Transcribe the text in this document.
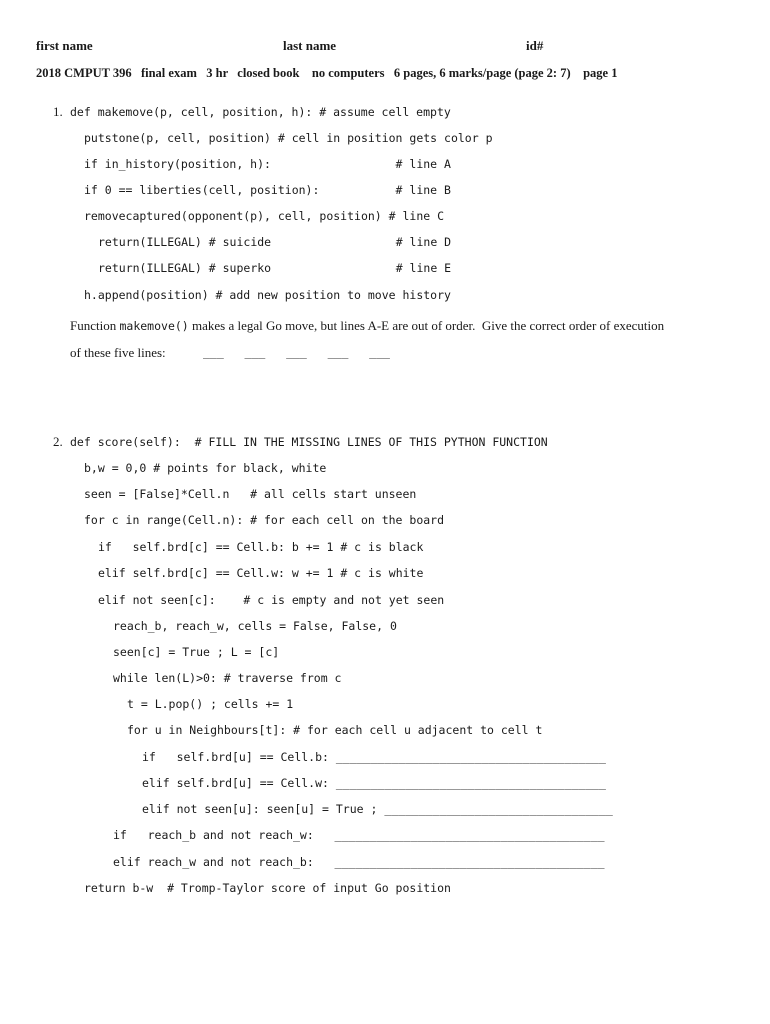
first name	last name	id#
2018 CMPUT 396   final exam   3 hr   closed book    no computers   6 pages, 6 marks/page (page 2: 7)    page 1
1. def makemove(p, cell, position, h): # assume cell empty
putstone(p, cell, position) # cell in position gets color p
if in_history(position, h):                  # line A
if 0 == liberties(cell, position):           # line B
removecaptured(opponent(p), cell, position) # line C
return(ILLEGAL) # suicide                  # line D
return(ILLEGAL) # superko                  # line E
h.append(position) # add new position to move history
Function makemove() makes a legal Go move, but lines A-E are out of order.  Give the correct order of execution
of these five lines:	___   ___   ___   ___   ___
2. def score(self):  # FILL IN THE MISSING LINES OF THIS PYTHON FUNCTION
b,w = 0,0 # points for black, white
seen = [False]*Cell.n   # all cells start unseen
for c in range(Cell.n): # for each cell on the board
if   self.brd[c] == Cell.b: b += 1 # c is black
elif self.brd[c] == Cell.w: w += 1 # c is white
elif not seen[c]:    # c is empty and not yet seen
reach_b, reach_w, cells = False, False, 0
seen[c] = True ; L = [c]
while len(L)>0: # traverse from c
t = L.pop() ; cells += 1
for u in Neighbours[t]: # for each cell u adjacent to cell t
if   self.brd[u] == Cell.b: _______________________________________
elif self.brd[u] == Cell.w: _______________________________________
elif not seen[u]: seen[u] = True ; _________________________________
if   reach_b and not reach_w:   _______________________________________
elif reach_w and not reach_b:   _______________________________________
return b-w  # Tromp-Taylor score of input Go position
